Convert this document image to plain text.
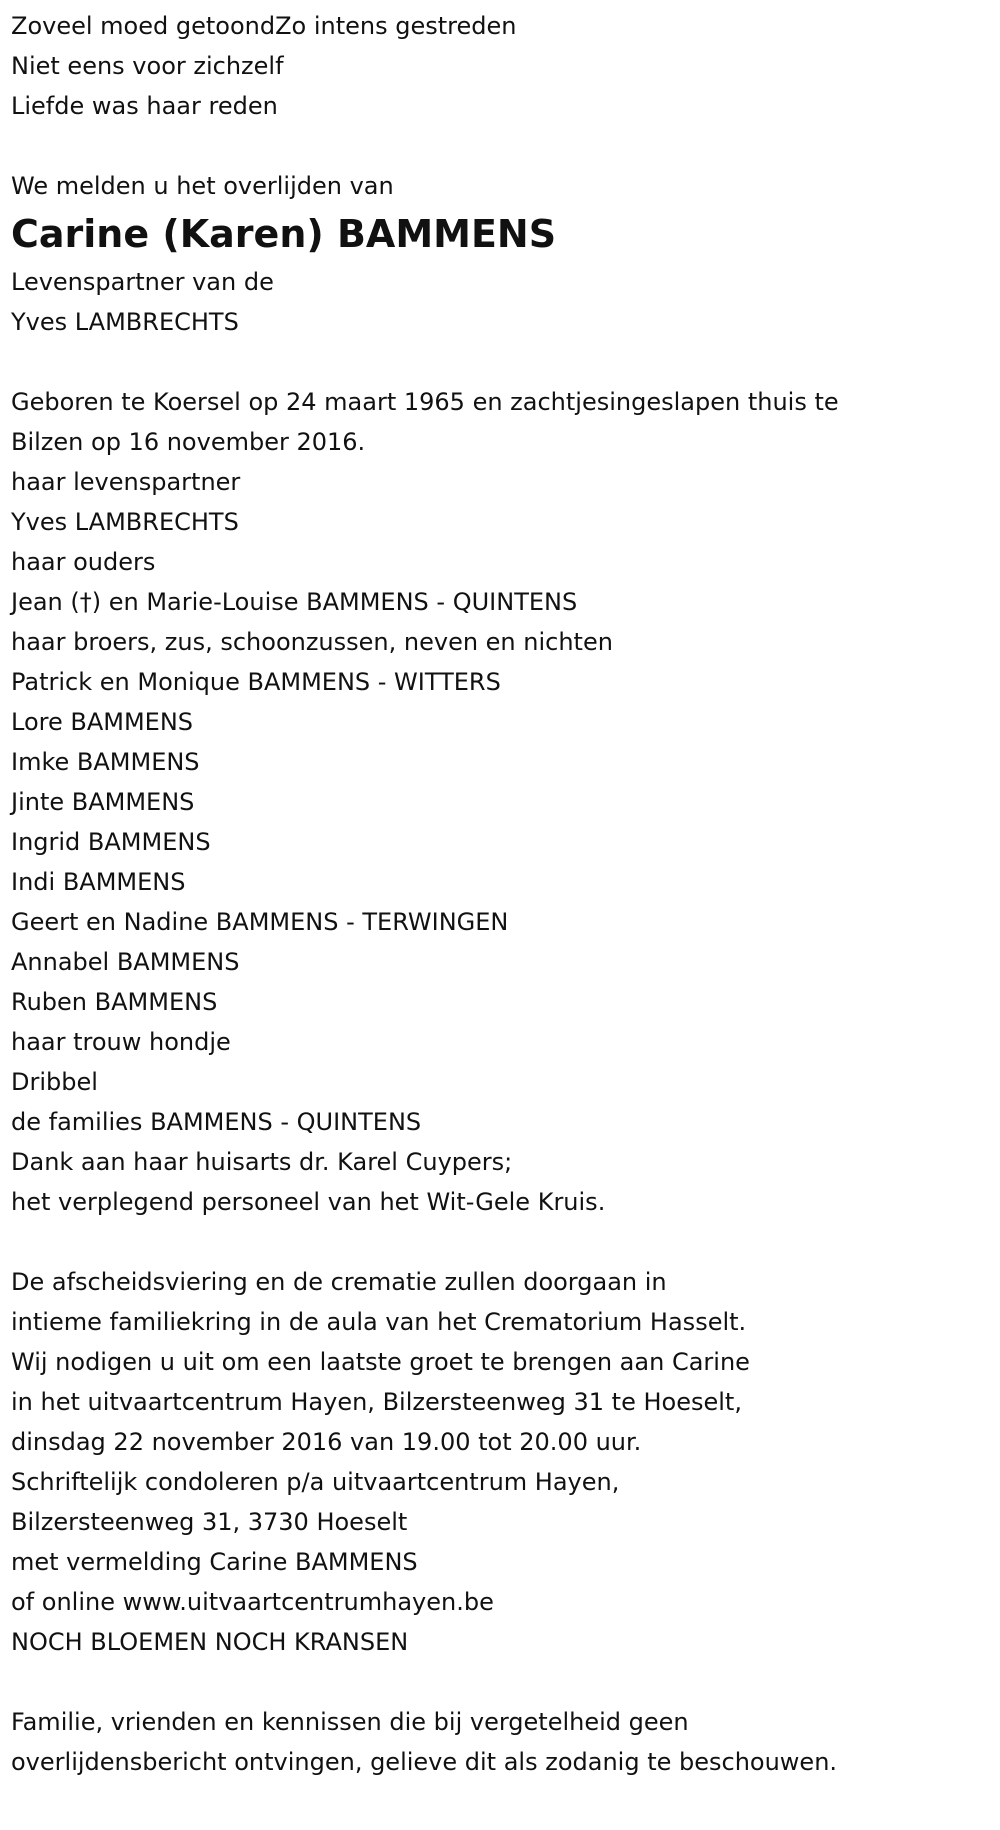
Zoveel moed getoondZo intens gestreden
Niet eens voor zichzelf
Liefde was haar reden
We melden u het overlijden van
Carine (Karen) BAMMENS
Levenspartner van de
Yves LAMBRECHTS
Geboren te Koersel op 24 maart 1965 en zachtjesingeslapen thuis te
Bilzen op 16 november 2016.
haar levenspartner
Yves LAMBRECHTS
haar ouders
Jean (†) en Marie-Louise BAMMENS - QUINTENS
haar broers, zus, schoonzussen, neven en nichten
Patrick en Monique BAMMENS - WITTERS
Lore BAMMENS
Imke BAMMENS
Jinte BAMMENS
Ingrid BAMMENS
Indi BAMMENS
Geert en Nadine BAMMENS - TERWINGEN
Annabel BAMMENS
Ruben BAMMENS
haar trouw hondje
Dribbel
de families BAMMENS - QUINTENS
Dank aan haar huisarts dr. Karel Cuypers;
het verplegend personeel van het Wit-Gele Kruis.
De afscheidsviering en de crematie zullen doorgaan in
intieme familiekring in de aula van het Crematorium Hasselt.
Wij nodigen u uit om een laatste groet te brengen aan Carine
in het uitvaartcentrum Hayen, Bilzersteenweg 31 te Hoeselt,
dinsdag 22 november 2016 van 19.00 tot 20.00 uur.
Schriftelijk condoleren p/a uitvaartcentrum Hayen,
Bilzersteenweg 31, 3730 Hoeselt
met vermelding Carine BAMMENS
of online www.uitvaartcentrumhayen.be
NOCH BLOEMEN NOCH KRANSEN
Familie, vrienden en kennissen die bij vergetelheid geen
overlijdensbericht ontvingen, gelieve dit als zodanig te beschouwen.
